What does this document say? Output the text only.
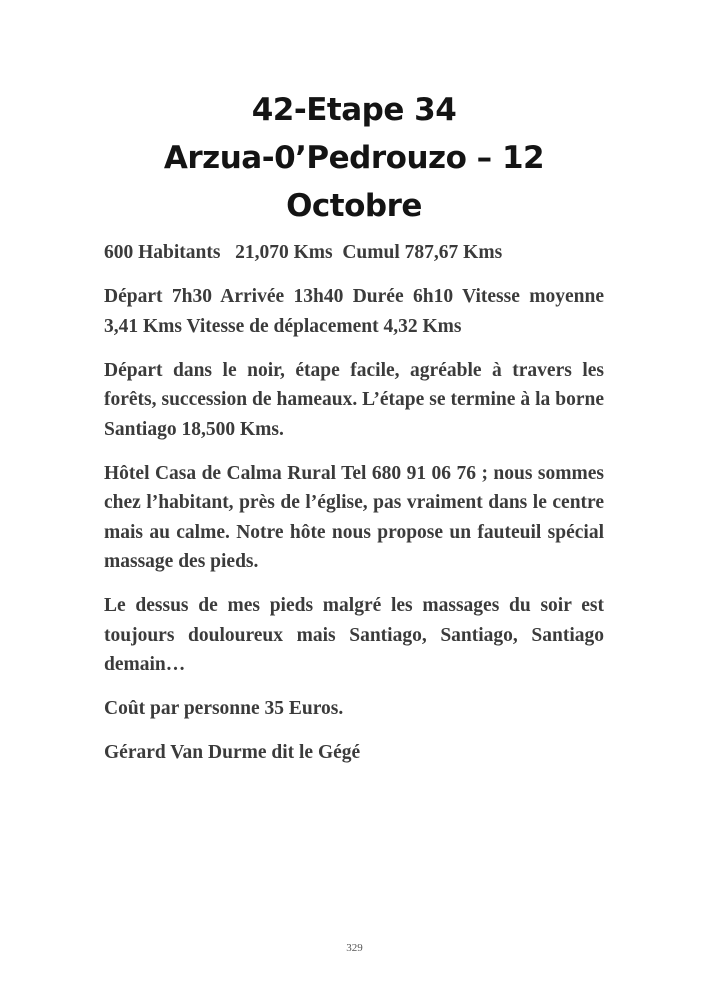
42-Etape 34
Arzua-0’Pedrouzo – 12
Octobre

600 Habitants   21,070 Kms  Cumul 787,67 Kms

Départ 7h30 Arrivée 13h40 Durée 6h10 Vitesse moyenne 3,41 Kms Vitesse de déplacement 4,32 Kms

Départ dans le noir, étape facile, agréable à travers les forêts, succession de hameaux. L’étape se termine à la borne Santiago 18,500 Kms.

Hôtel Casa de Calma Rural Tel 680 91 06 76 ; nous sommes chez l’habitant, près de l’église, pas vraiment dans le centre mais au calme. Notre hôte nous propose un fauteuil spécial massage des pieds.

Le dessus de mes pieds malgré les massages du soir est toujours douloureux mais Santiago, Santiago, Santiago demain…

Coût par personne 35 Euros.

Gérard Van Durme dit le Gégé

329
